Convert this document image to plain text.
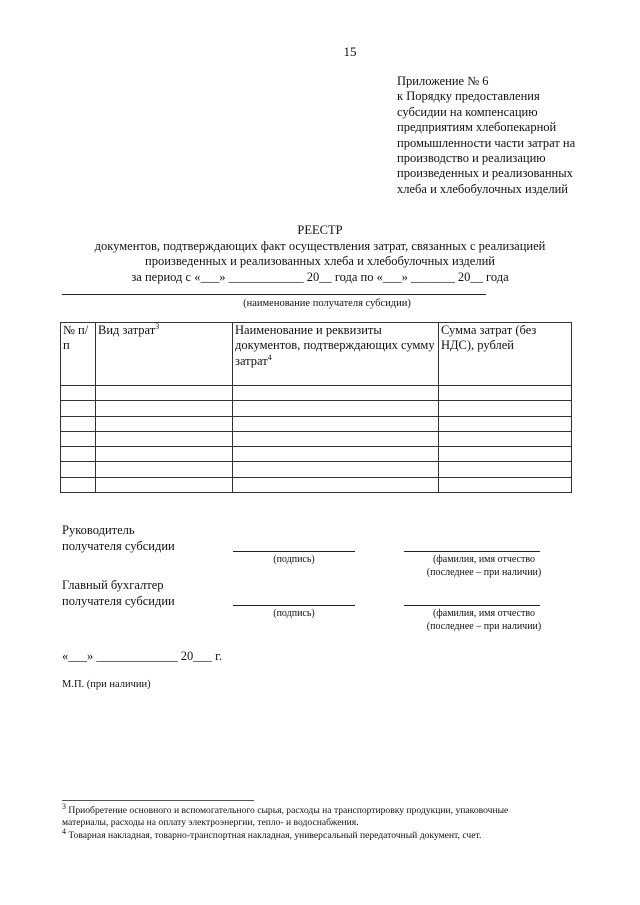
15
Приложение № 6
к Порядку предоставления
субсидии на компенсацию
предприятиям хлебопекарной
промышленности части затрат на
производство и реализацию
произведенных и реализованных
хлеба и хлебобулочных изделий
РЕЕСТР
документов, подтверждающих факт осуществления затрат, связанных с реализацией
произведенных и реализованных хлеба и хлебобулочных изделий
за период с «___» ____________ 20__ года по «___» _______ 20__ года
(наименование получателя субсидии)
№ п/п	Вид затрат$^3$	Наименование и реквизиты документов, подтверждающих сумму затрат$^4$	Сумма затрат (без НДС), рублей

Руководитель
получателя субсидии
(подпись)	(фамилия, имя отчество
(последнее – при наличии)
Главный бухгалтер
получателя субсидии
(подпись)	(фамилия, имя отчество
(последнее – при наличии)
«___» _____________ 20___ г.
М.П. (при наличии)
$^3$ Приобретение основного и вспомогательного сырья, расходы на транспортировку продукции, упаковочные
материалы, расходы на оплату электроэнергии, тепло- и водоснабжения.
$^4$ Товарная накладная, товарно-транспортная накладная, универсальный передаточный документ, счет.
